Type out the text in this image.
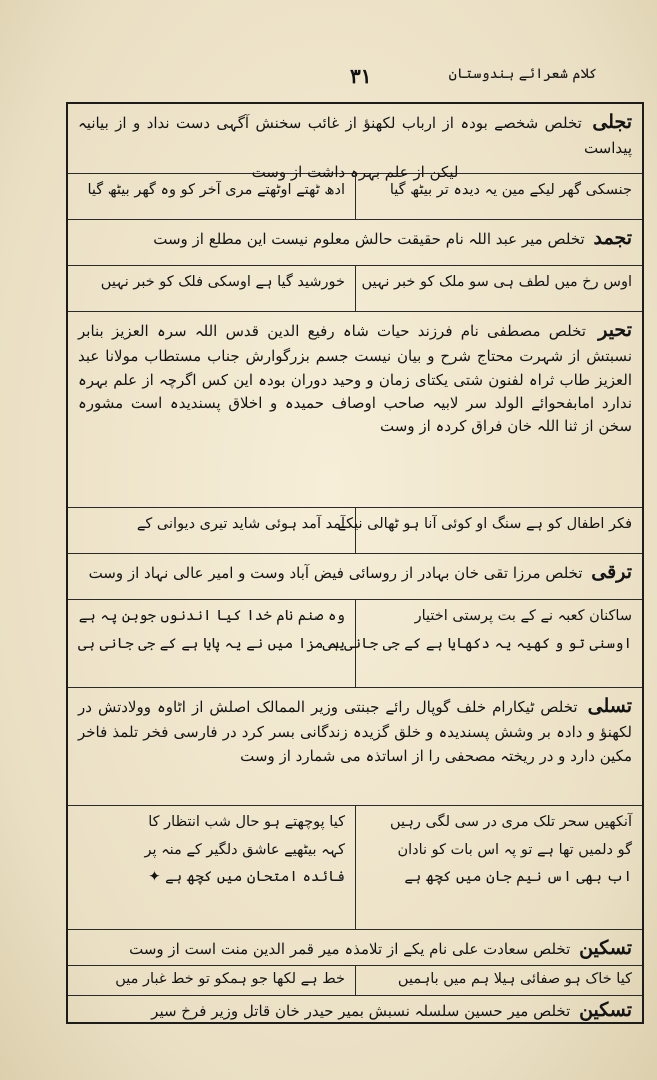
کلام شعرائے ہندوستان
۳۱
تجلی تخلص شخصے بودہ از ارباب لکھنؤ از غائب سخنش آگہی دست نداد و از بیانیہ پیداست
لیکن از علم بہرہ داشت از وست
جنسکی گھر لیکے مین یہ دیدہ تر بیٹھ گیا
ادھ ٹھتے اوٹھتے مری آخر کو وہ گھر بیٹھ گیا
تجمد تخلص میر عبد اللہ نام حقیقت حالش معلوم نیست این مطلع از وست
اوس رخ میں لطف ہی سو ملک کو خبر نہیں
خورشید گیا ہے اوسکی فلک کو خبر نہیں
تحیر تخلص مصطفی نام فرزند حیات شاہ رفیع الدین قدس اللہ سرہ العزیز بنابر نسبتش از شہرت محتاج شرح و بیان نیست جسم بزرگوارش جناب مستطاب مولانا عبد العزیز طاب ثراہ لفنون شتی یکتای زمان و وحید دوران بودہ این کس اگرچہ از علم بہرہ ندارد امابفحوائے الولد سر لابیہ صاحب اوصاف حمیدہ و اخلاق پسندیدہ است مشورہ سخن از ثنا اللہ خان فراق کردہ از وست
فکر اطفال کو ہے سنگ او کوئی آنا ہو ٹھالی نیکے
آمد آمد ہوئی شاید تیری دیوانی کے
ترقی تخلص مرزا تقی خان بہادر از روسائی فیض آباد وست و امیر عالی نہاد از وست
ساکنان کعبہ نے کے بت پرستی اختیار
اوسنی تو و کھیہ یہ دکھایا ہے کے جی جانی ہی
وہ صنم نام خدا کیا اندنوں جوبن پہ ہے
یہ مزا میں نے یہ پایا ہے کے جی جانی ہی
تسلی تخلص ٹیکارام خلف گوپال رائے جبنتی وزیر الممالک اصلش از اٹاوہ وولادتش در لکھنؤ و دادہ بر وشش پسندیدہ و خلق گزیدہ زندگانی بسر کرد در فارسی فخر تلمذ فاخر مکین دارد و در ریختہ مصحفی را از اساتذہ می شمارد از وست
آنکھیں سحر تلک مری در سی لگی رہیں
گو دلمیں تھا ہے تو پہ اس بات کو نادان
اب بھی اس نیم جان میں کچھ ہے
کیا پوچھتے ہو حال شب انتظار کا
کہہ بیٹھیے عاشق دلگیر کے منہ پر
فائدہ امتحان میں کچھ ہے ✦
تسکین تخلص سعادت علی نام یکے از تلامذہ میر قمر الدین منت است از وست
کیا خاک ہو صفائی ہیلا ہم میں باہمیں
خط ہے لکھا جو ہمکو تو خط غبار میں
تسکین تخلص میر حسین سلسلہ نسبش بمیر حیدر خان قاتل وزیر فرخ سیر
